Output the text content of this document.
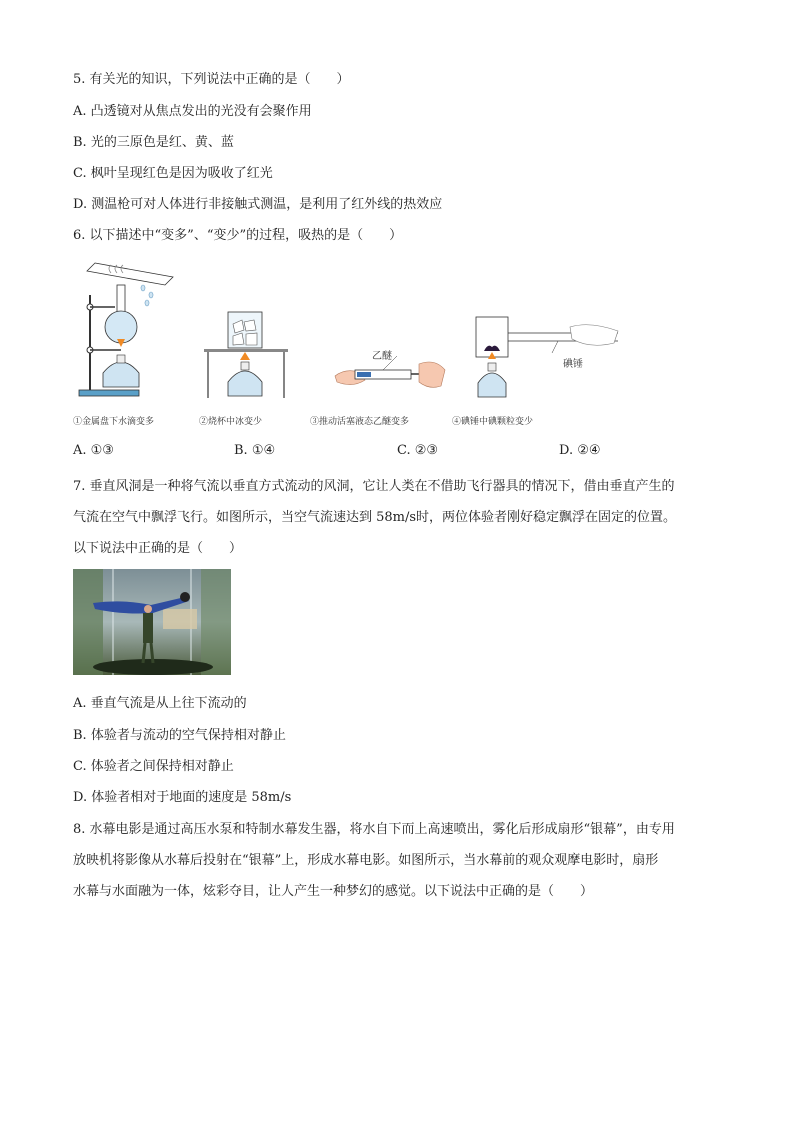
5. 有关光的知识，下列说法中正确的是（　　）
A. 凸透镜对从焦点发出的光没有会聚作用
B. 光的三原色是红、黄、蓝
C. 枫叶呈现红色是因为吸收了红光
D. 测温枪可对人体进行非接触式测温，是利用了红外线的热效应
6. 以下描述中“变多”、“变少”的过程，吸热的是（　　）
①金属盘下水滴变多	②烧杯中冰变少
乙醚
③推动活塞液态乙醚变多
碘锤
④碘锤中碘颗粒变少
A. ①③	B. ①④	C. ②③	D. ②④
7. 垂直风洞是一种将气流以垂直方式流动的风洞，它让人类在不借助飞行器具的情况下，借由垂直产生的
气流在空气中飘浮飞行。如图所示，当空气流速达到 58m/s时，两位体验者刚好稳定飘浮在固定的位置。
以下说法中正确的是（　　）
A. 垂直气流是从上往下流动的
B. 体验者与流动的空气保持相对静止
C. 体验者之间保持相对静止
D. 体验者相对于地面的速度是 58m/s
8. 水幕电影是通过高压水泵和特制水幕发生器，将水自下而上高速喷出，雾化后形成扇形“银幕”，由专用
放映机将影像从水幕后投射在“银幕”上，形成水幕电影。如图所示，当水幕前的观众观摩电影时，扇形
水幕与水面融为一体，炫彩夺目，让人产生一种梦幻的感觉。以下说法中正确的是（　　）
